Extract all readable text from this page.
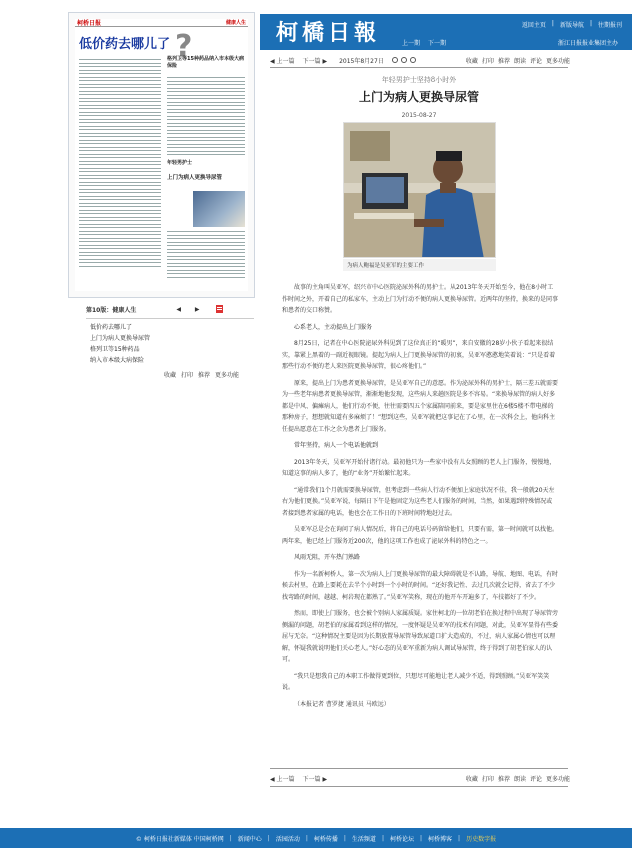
柯橋日報	返回主页 | 新版导航 | 往期报刊
上一期 下一期	浙江日报报业集团主办
柯桥日报	健康人生
低价药去哪儿了 ?
格列卫等15种药品纳入市本级大病保险
年轻男护士
上门为病人更换导尿管
第10版：健康人生	◀ ▶
低价药去哪儿了
上门为病人更换导尿管
格列卫等15种药品
纳入市本级大病保险
收藏 打印 推荐 更多功能
◀ 上一篇 下一篇 ▶ 2015年8月27日	收藏 打印 推荐 朗读 评论 更多功能
年轻男护士坚持8小时外
上门为病人更换导尿管
2015-08-27
为病人鲍福是吴亚军的主要工作

故事的主角叫吴亚军，绍兴市中心医院泌尿外科的男护士。从2013年冬天开始至今，他在8小时工作时间之外，开着自己的私家车，主动上门为行动不便的病人更换导尿管。近两年的坚持，换来的是同事和患者的交口称赞。

心系老人，主动提出上门服务

8月25日，记者在中心医院泌尿外科见到了这位真正的“暖男”，来自安徽的28岁小伙子看起来很结实，靠紧上黑着的一副近视眼镜。提起为病人上门更换导尿管的初衷，吴亚军憨憨地笑着说：“只是看着那些行动不便的老人来医院更换导尿管，很心疼他们。”

原来，提出上门为患者更换导尿管，是吴亚军自己的意愿。作为泌尿外科的男护士，隔三差五就需要为一些老年病患者更换导尿管，渐渐地他发现，这些病人来趟医院是多不容易。“来换导尿管的病人好多都是中风、偏瘫病人，他们行动不便，往往需要四五个家属陪同前来，要是家里住在6楼5楼不带电梯的那种房子，想想就知道有多麻烦了！”想到这些，吴亚军就把这事记在了心里，在一次科会上，他向科主任提出愿意在工作之余为患者上门服务。

常年坚持，病人一个电话他就到

2013年冬天，吴亚军开始付诸行动。最初他只为一些家中没有儿女照顾的老人上门服务，慢慢地，知道这事的病人多了，他的“业务”开始繁忙起来。

“通常我们1个月就需要换导尿管，但考虑到一些病人行动不便加上家庭状况不佳，我一般就20天左右为他们更换。”吴亚军说，每隔日下午是他固定为这些老人们服务的时间，当然，如果遇到特殊情况或者接到患者家属的电话，他也会在工作日的下班时间特地赶过去。

吴亚军总是会在询问了病人情况后，将自己的电话号码留给他们，只要有需，第一时间就可以找他。两年来，他已经上门服务近200次，他的这项工作也成了泌尿外科的特色之一。

风雨无阻，开车热门熟路

作为一名新柯桥人，第一次为病人上门更换导尿管的最大障碍就是不认路，导航、地图、电话，有时候去村里，在路上要耗在去半个小时到一个小时的时间。“还好我记性、去过几次就会记得，省去了不少找弯路的时间，越越、柯岩现在都熟了。”吴亚军笑称，现在的他开车开遍多了，车技都好了不少。

然而，即使上门服务，也会被个别病人家属质疑。家住柯北的一位胡老伯在换过程中出现了导尿管旁侧漏的问题，胡老伯的家属看到这样的情况，一度怀疑是吴亚军的技术有问题，对此，吴亚军显得有些委屈与无奈。“这种情况主要是因为长期放置导尿管导致尿道口扩大造成的，不过，病人家属心情也可以理解，怀疑我就说明他们关心老人。”好心态的吴亚军重新为病人调试导尿管，终于得到了胡老伯家人的认可。

“我只是想我自己的本职工作做得更到位，只想尽可能地让老人减少不适，得到照顾。”吴亚军笑笑说。

（本报记者 曹罗捷 通讯员 马欧远）

◀ 上一篇 下一篇 ▶	收藏 打印 推荐 朗读 评论 更多功能
© 柯桥日报社新媒体 中国柯桥网 | 新闻中心 | 活园活动 | 柯桥传播 | 生活频道 | 柯桥论坛 | 柯桥博客 | 历史数字报
